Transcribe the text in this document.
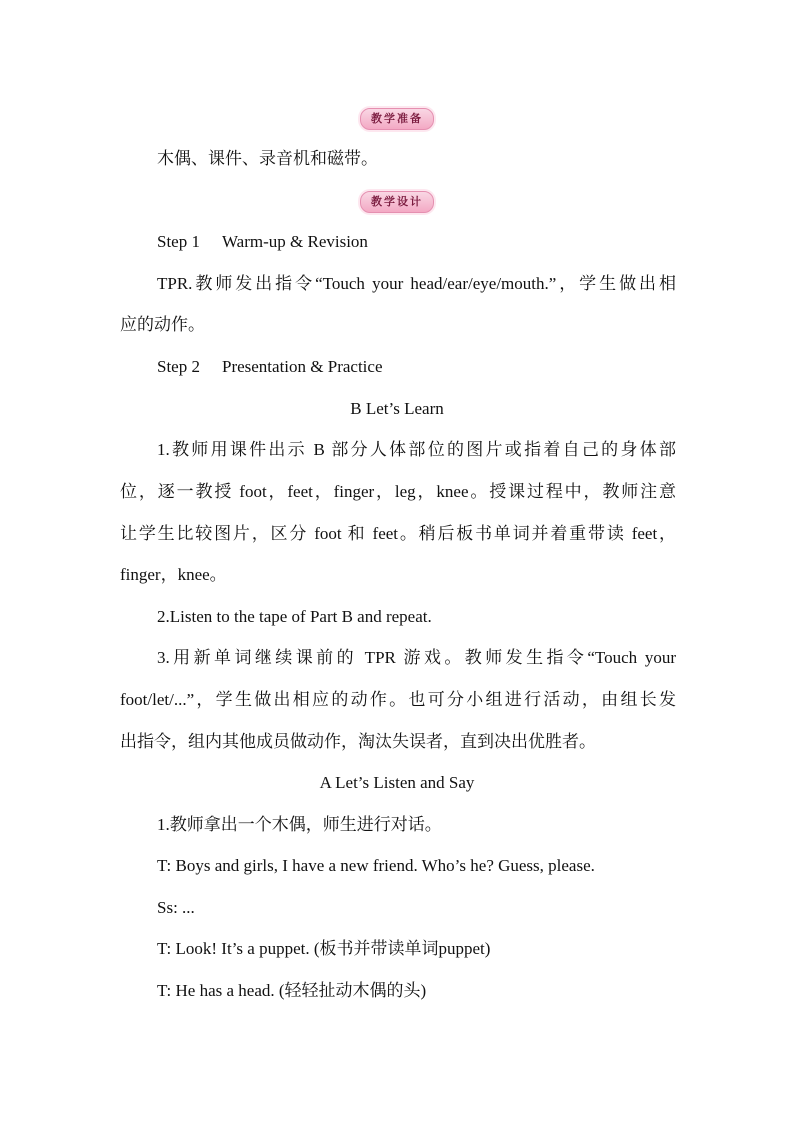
教学准备
木偶、课件、录音机和磁带。
教学设计
Step 1 Warm-up & Revision
TPR.教师发出指令“Touch your head/ear/eye/mouth.”，学生做出相
应的动作。
Step 2 Presentation & Practice
B Let’s Learn
1.教师用课件出示 B 部分人体部位的图片或指着自己的身体部
位，逐一教授 foot，feet，finger，leg，knee。授课过程中，教师注意
让学生比较图片，区分 foot 和 feet。稍后板书单词并着重带读 feet，
finger，knee。
2.Listen to the tape of Part B and repeat.
3.用新单词继续课前的 TPR 游戏。教师发生指令“Touch your
foot/let/...”，学生做出相应的动作。也可分小组进行活动，由组长发
出指令，组内其他成员做动作，淘汰失误者，直到决出优胜者。
A Let’s Listen and Say
1.教师拿出一个木偶，师生进行对话。
T: Boys and girls, I have a new friend. Who’s he? Guess, please.
Ss: ...
T: Look! It’s a puppet. (板书并带读单词puppet)
T: He has a head. (轻轻扯动木偶的头)
